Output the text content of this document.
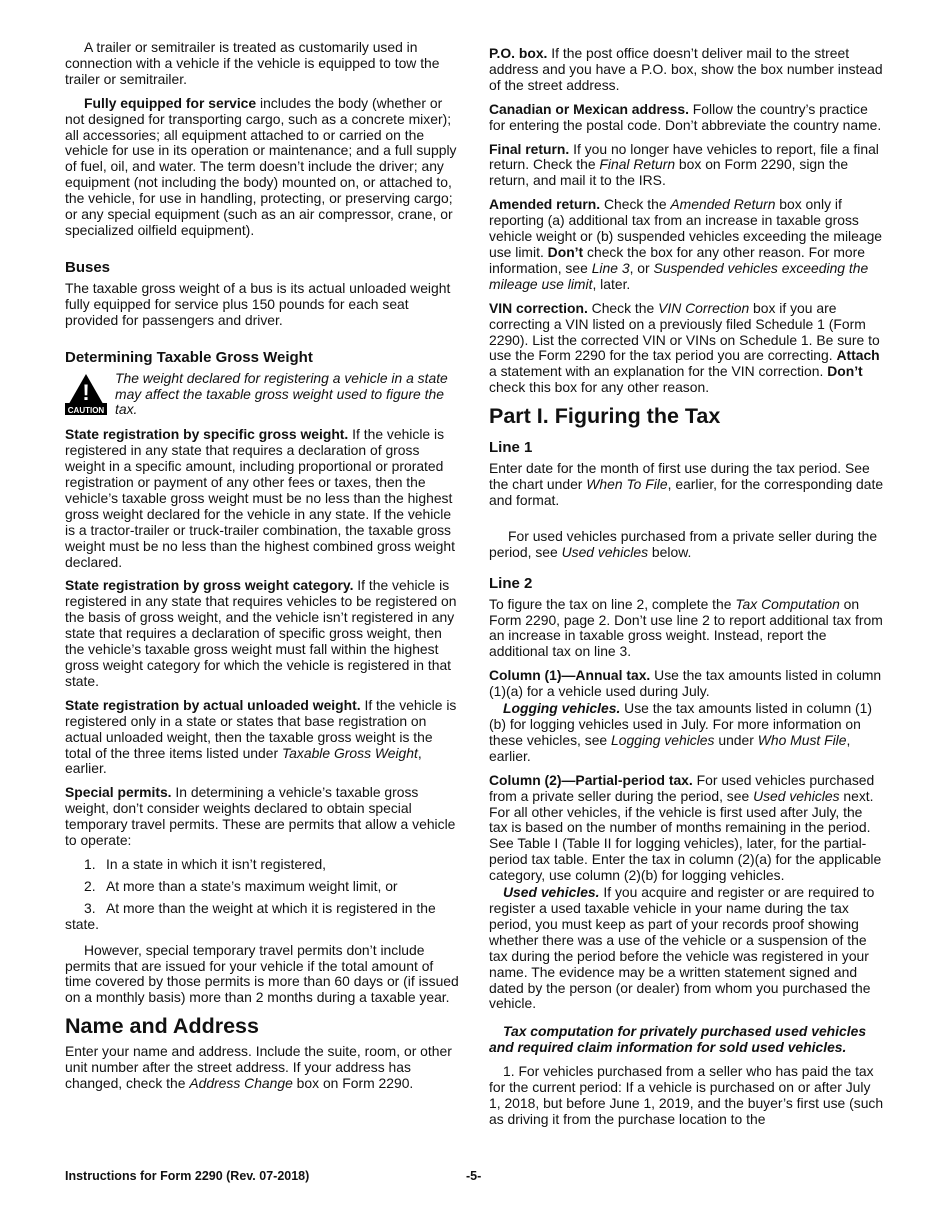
A trailer or semitrailer is treated as customarily used in connection with a vehicle if the vehicle is equipped to tow the trailer or semitrailer.

Fully equipped for service includes the body (whether or not designed for transporting cargo, such as a concrete mixer); all accessories; all equipment attached to or carried on the vehicle for use in its operation or maintenance; and a full supply of fuel, oil, and water. The term doesn’t include the driver; any equipment (not including the body) mounted on, or attached to, the vehicle, for use in handling, protecting, or preserving cargo; or any special equipment (such as an air compressor, crane, or specialized oilfield equipment).

Buses

The taxable gross weight of a bus is its actual unloaded weight fully equipped for service plus 150 pounds for each seat provided for passengers and driver.

Determining Taxable Gross Weight
!
CAUTION
The weight declared for registering a vehicle in a state may affect the taxable gross weight used to figure the tax.

State registration by specific gross weight. If the vehicle is registered in any state that requires a declaration of gross weight in a specific amount, including proportional or prorated registration or payment of any other fees or taxes, then the vehicle’s taxable gross weight must be no less than the highest gross weight declared for the vehicle in any state. If the vehicle is a tractor-trailer or truck-trailer combination, the taxable gross weight must be no less than the highest combined gross weight declared.

State registration by gross weight category. If the vehicle is registered in any state that requires vehicles to be registered on the basis of gross weight, and the vehicle isn’t registered in any state that requires a declaration of specific gross weight, then the vehicle’s taxable gross weight must fall within the highest gross weight category for which the vehicle is registered in that state.

State registration by actual unloaded weight. If the vehicle is registered only in a state or states that base registration on actual unloaded weight, then the taxable gross weight is the total of the three items listed under Taxable Gross Weight, earlier.

Special permits. In determining a vehicle’s taxable gross weight, don’t consider weights declared to obtain special temporary travel permits. These are permits that allow a vehicle to operate:

1. In a state in which it isn’t registered,
2. At more than a state’s maximum weight limit, or
3. At more than the weight at which it is registered in the state.

However, special temporary travel permits don’t include permits that are issued for your vehicle if the total amount of time covered by those permits is more than 60 days or (if issued on a monthly basis) more than 2 months during a taxable year.

Name and Address

Enter your name and address. Include the suite, room, or other unit number after the street address. If your address has changed, check the Address Change box on Form 2290.

P.O. box. If the post office doesn’t deliver mail to the street address and you have a P.O. box, show the box number instead of the street address.

Canadian or Mexican address. Follow the country’s practice for entering the postal code. Don’t abbreviate the country name.

Final return. If you no longer have vehicles to report, file a final return. Check the Final Return box on Form 2290, sign the return, and mail it to the IRS.

Amended return. Check the Amended Return box only if reporting (a) additional tax from an increase in taxable gross vehicle weight or (b) suspended vehicles exceeding the mileage use limit. Don’t check the box for any other reason. For more information, see Line 3, or Suspended vehicles exceeding the mileage use limit, later.

VIN correction. Check the VIN Correction box if you are correcting a VIN listed on a previously filed Schedule 1 (Form 2290). List the corrected VIN or VINs on Schedule 1. Be sure to use the Form 2290 for the tax period you are correcting. Attach a statement with an explanation for the VIN correction. Don’t check this box for any other reason.

Part I. Figuring the Tax
Line 1

Enter date for the month of first use during the tax period. See the chart under When To File, earlier, for the corresponding date and format.

For used vehicles purchased from a private seller during the period, see Used vehicles below.

Line 2

To figure the tax on line 2, complete the Tax Computation on Form 2290, page 2. Don’t use line 2 to report additional tax from an increase in taxable gross weight. Instead, report the additional tax on line 3.

Column (1)—Annual tax. Use the tax amounts listed in column (1)(a) for a vehicle used during July.

Logging vehicles. Use the tax amounts listed in column (1)(b) for logging vehicles used in July. For more information on these vehicles, see Logging vehicles under Who Must File, earlier.

Column (2)—Partial-period tax. For used vehicles purchased from a private seller during the period, see Used vehicles next. For all other vehicles, if the vehicle is first used after July, the tax is based on the number of months remaining in the period. See Table I (Table II for logging vehicles), later, for the partial-period tax table. Enter the tax in column (2)(a) for the applicable category, use column (2)(b) for logging vehicles.

Used vehicles. If you acquire and register or are required to register a used taxable vehicle in your name during the tax period, you must keep as part of your records proof showing whether there was a use of the vehicle or a suspension of the tax during the period before the vehicle was registered in your name. The evidence may be a written statement signed and dated by the person (or dealer) from whom you purchased the vehicle.

Tax computation for privately purchased used vehicles and required claim information for sold used vehicles.

1. For vehicles purchased from a seller who has paid the tax for the current period: If a vehicle is purchased on or after July 1, 2018, but before June 1, 2019, and the buyer’s first use (such as driving it from the purchase location to the

Instructions for Form 2290 (Rev. 07-2018)	-5-
